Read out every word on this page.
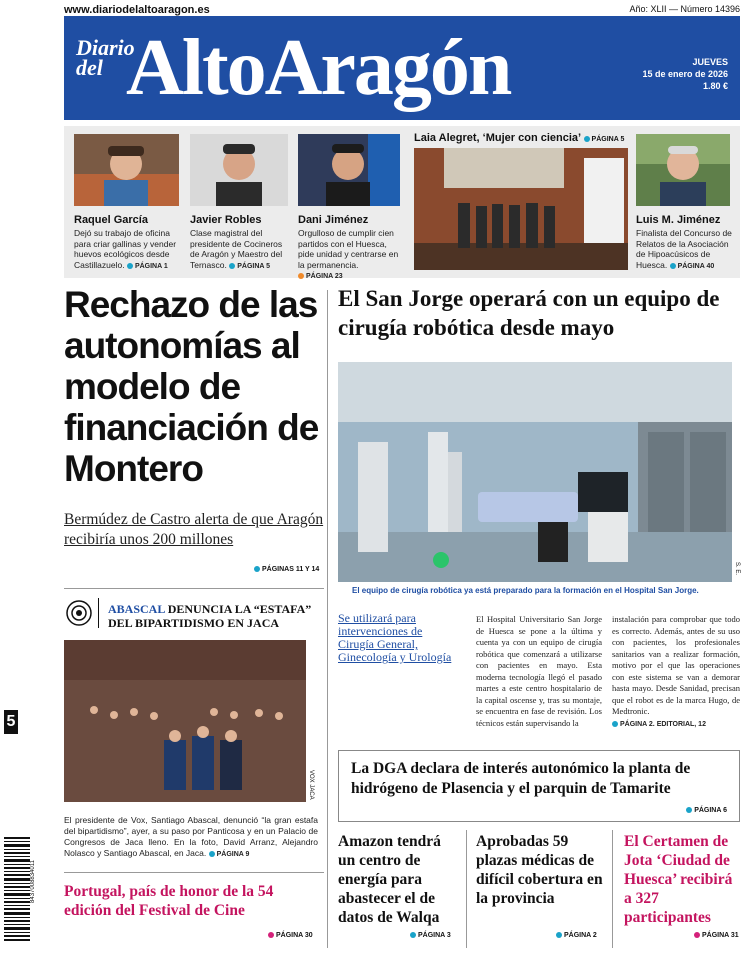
www.diariodelaltoaragon.es	Año: XLII — Número 14396
Diario
del AltoAragón	JUEVES
15 de enero de 2026
1.80 €
Raquel García
Dejó su trabajo de oficina para criar gallinas y vender huevos ecológicos desde Castillazuelo. PÁGINA 1
Javier Robles
Clase magistral del presidente de Cocineros de Aragón y Maestro del Ternasco. PÁGINA 5
Dani Jiménez
Orgulloso de cumplir cien partidos con el Huesca, pide unidad y centrarse en la permanencia. PÁGINA 23
Laia Alegret, ‘Mujer con ciencia’ PÁGINA 5
Luis M. Jiménez
Finalista del Concurso de Relatos de la Asociación de Hipoacúsicos de Huesca. PÁGINA 40
Rechazo de las autonomías al modelo de financiación de Montero
Bermúdez de Castro alerta de que Aragón recibiría unos 200 millones
PÁGINAS 11 Y 14
El San Jorge operará con un equipo de cirugía robótica desde mayo
El equipo de cirugía robótica ya está preparado para la formación en el Hospital San Jorge.
S. E.
Se utilizará para intervenciones de Cirugía General, Ginecología y Urología
El Hospital Universitario San Jorge de Huesca se pone a la última y cuenta ya con un equipo de cirugía robótica que comenzará a utilizarse con pacientes en mayo. Esta moderna tecnología llegó el pasado martes a este centro hospitalario de la capital oscense y, tras su montaje, se encuentra en fase de revisión. Los técnicos están supervisando la
instalación para comprobar que todo es correcto. Además, antes de su uso con pacientes, los profesionales sanitarios van a realizar formación, motivo por el que las operaciones con este sistema se van a demorar hasta mayo. Desde Sanidad, precisan que el robot es de la marca Hugo, de Medtronic. PÁGINA 2. EDITORIAL, 12
ABASCAL DENUNCIA LA “ESTAFA” DEL BIPARTIDISMO EN JACA
VOX JACA
El presidente de Vox, Santiago Abascal, denunció “la gran estafa del bipartidismo”, ayer, a su paso por Panticosa y en un Palacio de Congresos de Jaca lleno. En la foto, David Arranz, Alejandro Nolasco y Santiago Abascal, en Jaca. PÁGINA 9
Portugal, país de honor de la 54 edición del Festival de Cine
PÁGINA 30
La DGA declara de interés autonómico la planta de hidrógeno de Plasencia y el parquin de Tamarite
PÁGINA 6
Amazon tendrá un centro de energía para abastecer el de datos de Walqa
PÁGINA 3
Aprobadas 59 plazas médicas de difícil cobertura en la provincia
PÁGINA 2
El Certamen de Jota ‘Ciudad de Huesca’ recibirá a 327 participantes
PÁGINA 31
5
8437008834011
